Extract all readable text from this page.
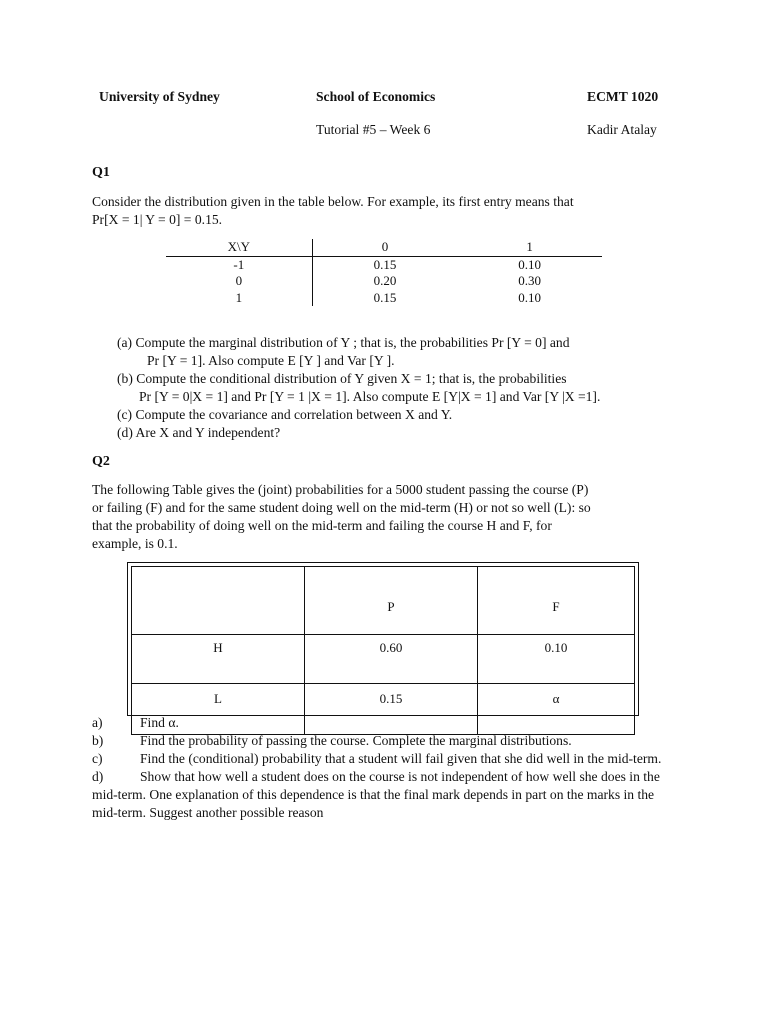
University of Sydney	School of Economics	ECMT 1020
Tutorial #5 – Week 6	Kadir Atalay
Q1
Consider the distribution given in the table below. For example, its first entry means that
Pr[X = 1| Y = 0] = 0.15.
X\Y	0	1
-1	0.15	0.10
0	0.20	0.30
1	0.15	0.10
(a) Compute the marginal distribution of Y ; that is, the probabilities Pr [Y = 0] and
Pr [Y = 1]. Also compute E [Y ] and Var [Y ].
(b) Compute the conditional distribution of Y given X = 1; that is, the probabilities
Pr [Y = 0|X = 1] and Pr [Y = 1 |X = 1]. Also compute E [Y|X = 1] and Var [Y |X =1].
(c) Compute the covariance and correlation between X and Y.
(d) Are X and Y independent?
Q2
The following Table gives the (joint) probabilities for a 5000 student passing the course (P)
or failing (F) and for the same student doing well on the mid-term (H) or not so well (L): so
that the probability of doing well on the mid-term and failing the course H and F, for
example, is 0.1.
	P	F
H	0.60	0.10
L	0.15	α
a)	Find α.
b)	Find the probability of passing the course. Complete the marginal distributions.
c)	Find the (conditional) probability that a student will fail given that she did well in the mid-term.
d)	Show that how well a student does on the course is not independent of how well she does in the mid-term. One explanation of this dependence is that the final mark depends in part on the marks in the mid-term. Suggest another possible reason
